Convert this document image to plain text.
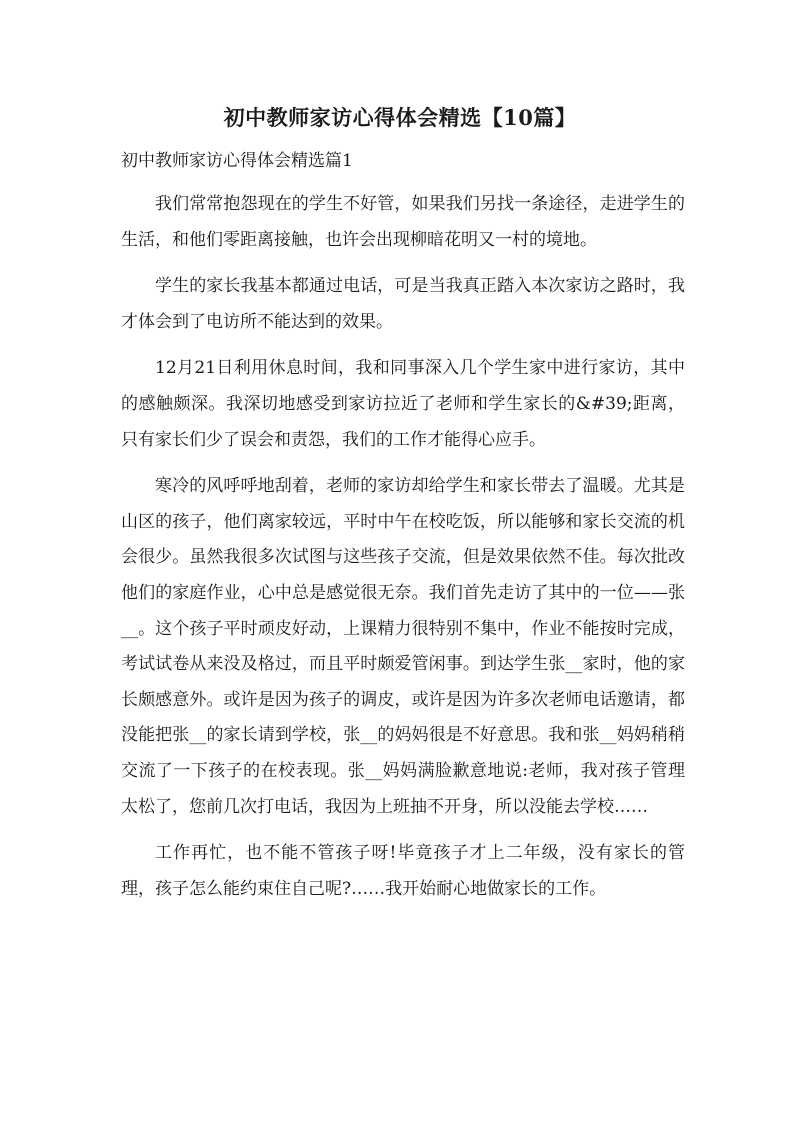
初中教师家访心得体会精选【10篇】
初中教师家访心得体会精选篇1

我们常常抱怨现在的学生不好管，如果我们另找一条途径，走进学生的生活，和他们零距离接触，也许会出现柳暗花明又一村的境地。

学生的家长我基本都通过电话，可是当我真正踏入本次家访之路时，我才体会到了电访所不能达到的效果。

12月21日利用休息时间，我和同事深入几个学生家中进行家访，其中的感触颇深。我深切地感受到家访拉近了老师和学生家长的&#39;距离，只有家长们少了误会和责怨，我们的工作才能得心应手。

寒冷的风呼呼地刮着，老师的家访却给学生和家长带去了温暖。尤其是山区的孩子，他们离家较远，平时中午在校吃饭，所以能够和家长交流的机会很少。虽然我很多次试图与这些孩子交流，但是效果依然不佳。每次批改他们的家庭作业，心中总是感觉很无奈。我们首先走访了其中的一位——张__。这个孩子平时顽皮好动，上课精力很特别不集中，作业不能按时完成，考试试卷从来没及格过，而且平时颇爱管闲事。到达学生张__家时，他的家长颇感意外。或许是因为孩子的调皮，或许是因为许多次老师电话邀请，都没能把张__的家长请到学校，张__的妈妈很是不好意思。我和张__妈妈稍稍交流了一下孩子的在校表现。张__妈妈满脸歉意地说:老师，我对孩子管理太松了，您前几次打电话，我因为上班抽不开身，所以没能去学校……

工作再忙，也不能不管孩子呀!毕竟孩子才上二年级，没有家长的管理，孩子怎么能约束住自己呢?……我开始耐心地做家长的工作。
